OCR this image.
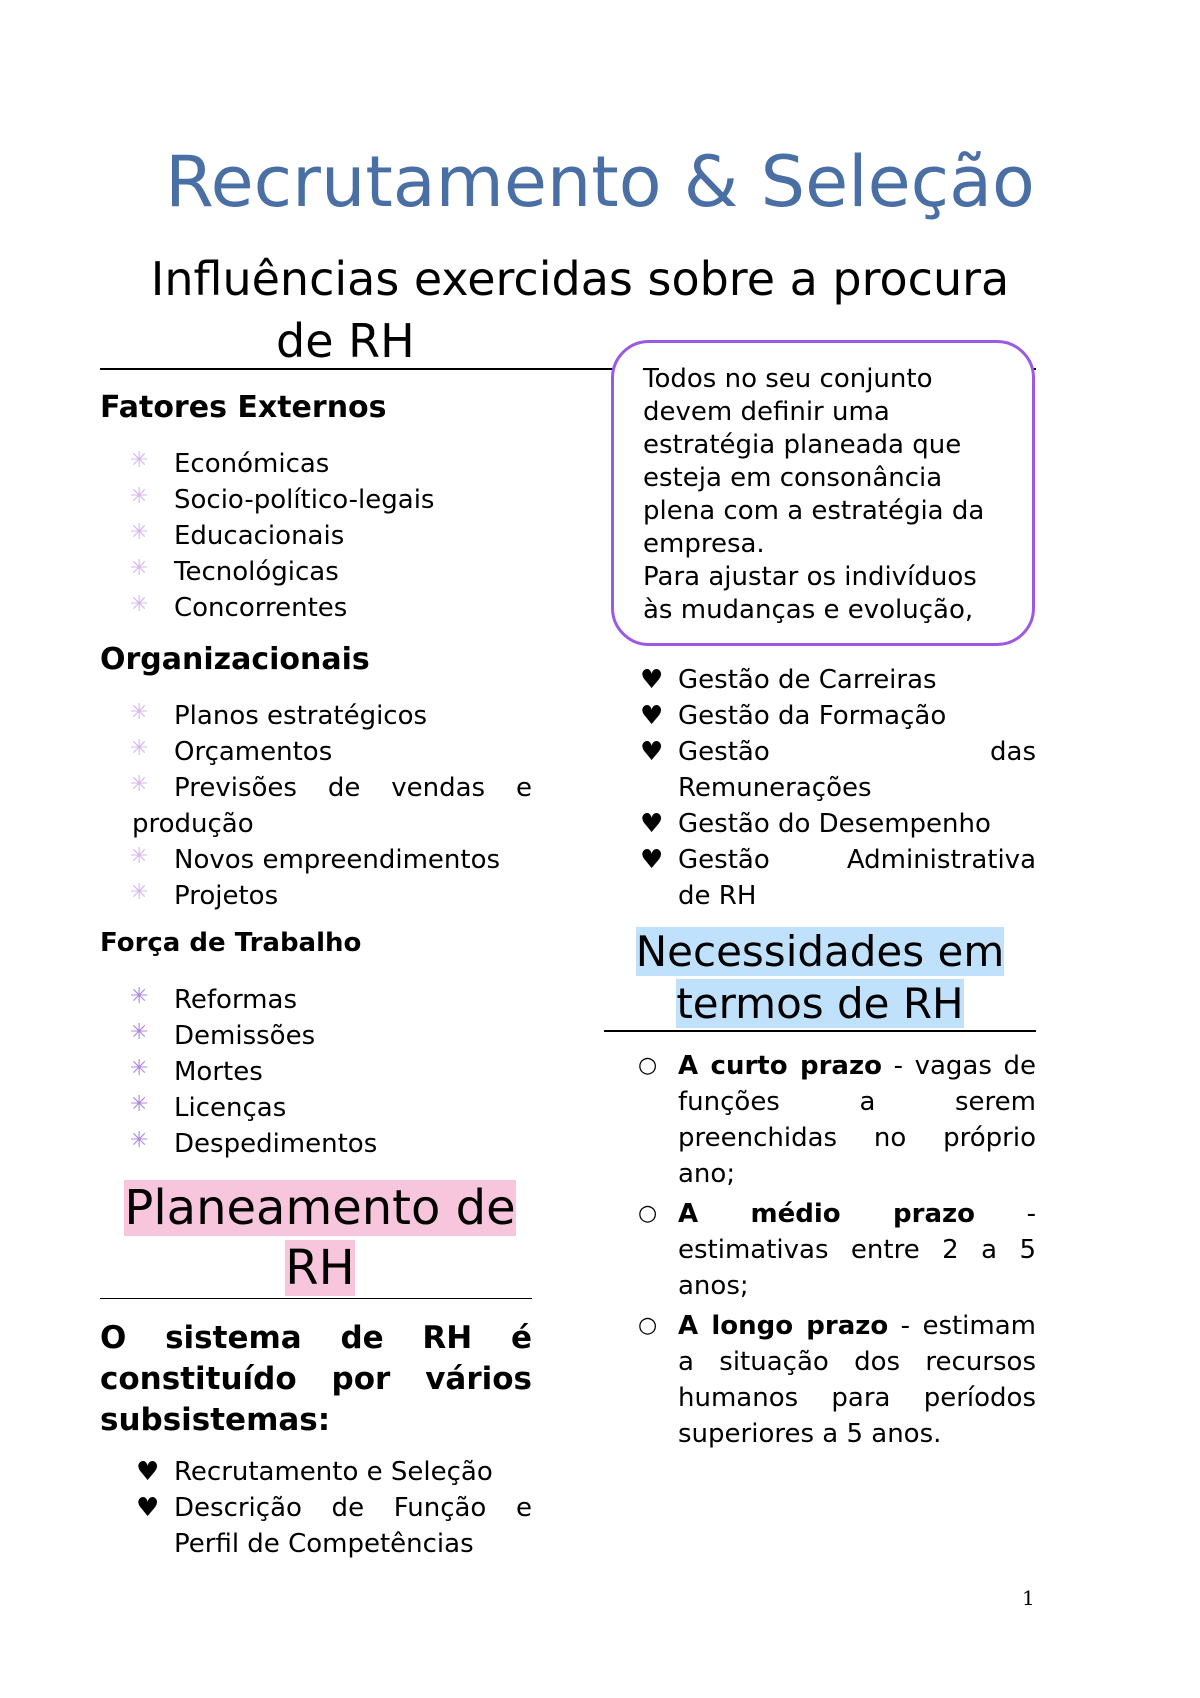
Recrutamento & Seleção
Influências exercidas sobre a procura
de RH

Todos no seu conjunto devem definir uma estratégia planeada que esteja em consonância plena com a estratégia da empresa.

Para ajustar os indivíduos às mudanças e evolução,

Fatores Externos
✳ Económicas
✳ Socio-político-legais
✳ Educacionais
✳ Tecnológicas
✳ Concorrentes
Organizacionais
✳ Planos estratégicos
✳ Orçamentos
✳ Previsões de vendas e
produção
✳ Novos empreendimentos
✳ Projetos
Força de Trabalho
✳ Reformas
✳ Demissões
✳ Mortes
✳ Licenças
✳ Despedimentos
Planeamento de
RH
O sistema de RH é constituído por vários subsistemas:
♥ Recrutamento e Seleção
♥ Descrição de Função e
Perfil de Competências
♥ Gestão de Carreiras
♥ Gestão da Formação
♥ Gestão	das
Remunerações
♥ Gestão do Desempenho
♥ Gestão	Administrativa
de RH
Necessidades em
termos de RH
○ A curto prazo - vagas de funções a serem preenchidas no próprio ano;
○ A médio prazo - estimativas entre 2 a 5 anos;
○ A longo prazo - estimam a situação dos recursos humanos para períodos superiores a 5 anos.
1
